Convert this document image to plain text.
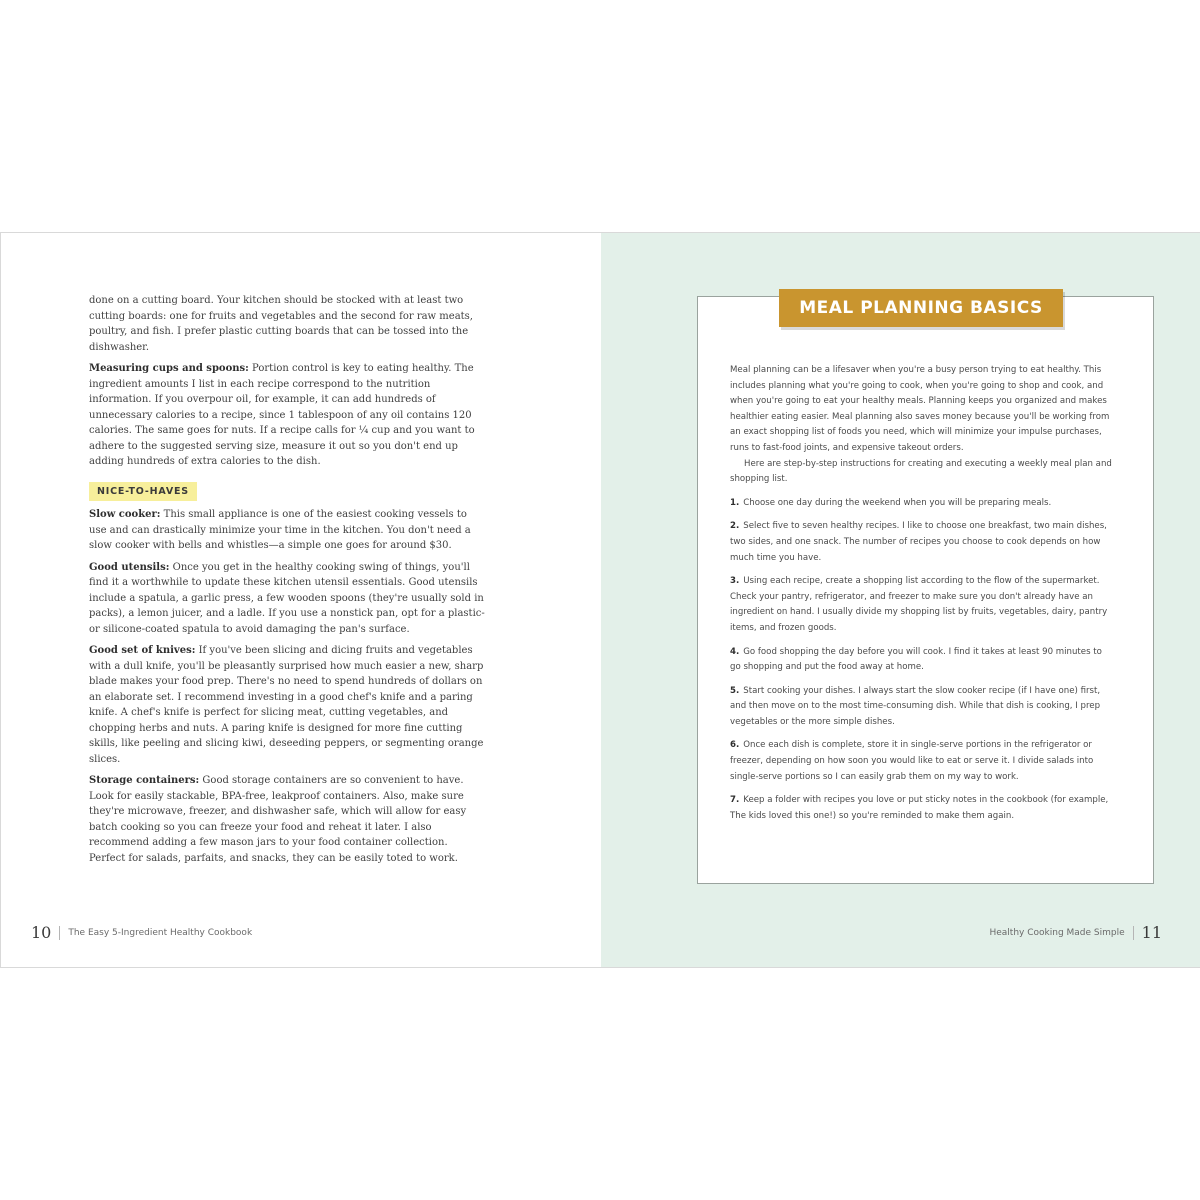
done on a cutting board. Your kitchen should be stocked with at least two cutting boards: one for fruits and vegetables and the second for raw meats, poultry, and fish. I prefer plastic cutting boards that can be tossed into the dishwasher.

Measuring cups and spoons: Portion control is key to eating healthy. The ingredient amounts I list in each recipe correspond to the nutrition information. If you overpour oil, for example, it can add hundreds of unnecessary calories to a recipe, since 1 tablespoon of any oil contains 120 calories. The same goes for nuts. If a recipe calls for ¼ cup and you want to adhere to the suggested serving size, measure it out so you don't end up adding hundreds of extra calories to the dish.

NICE-TO-HAVES

Slow cooker: This small appliance is one of the easiest cooking vessels to use and can drastically minimize your time in the kitchen. You don't need a slow cooker with bells and whistles—a simple one goes for around $30.

Good utensils: Once you get in the healthy cooking swing of things, you'll find it a worthwhile to update these kitchen utensil essentials. Good utensils include a spatula, a garlic press, a few wooden spoons (they're usually sold in packs), a lemon juicer, and a ladle. If you use a nonstick pan, opt for a plastic- or silicone-coated spatula to avoid damaging the pan's surface.

Good set of knives: If you've been slicing and dicing fruits and vegetables with a dull knife, you'll be pleasantly surprised how much easier a new, sharp blade makes your food prep. There's no need to spend hundreds of dollars on an elaborate set. I recommend investing in a good chef's knife and a paring knife. A chef's knife is perfect for slicing meat, cutting vegetables, and chopping herbs and nuts. A paring knife is designed for more fine cutting skills, like peeling and slicing kiwi, deseeding peppers, or segmenting orange slices.

Storage containers: Good storage containers are so convenient to have. Look for easily stackable, BPA-free, leakproof containers. Also, make sure they're microwave, freezer, and dishwasher safe, which will allow for easy batch cooking so you can freeze your food and reheat it later. I also recommend adding a few mason jars to your food container collection. Perfect for salads, parfaits, and snacks, they can be easily toted to work.

10 The Easy 5-Ingredient Healthy Cookbook
MEAL PLANNING BASICS

Meal planning can be a lifesaver when you're a busy person trying to eat healthy. This includes planning what you're going to cook, when you're going to shop and cook, and when you're going to eat your healthy meals. Planning keeps you organized and makes healthier eating easier. Meal planning also saves money because you'll be working from an exact shopping list of foods you need, which will minimize your impulse purchases, runs to fast-food joints, and expensive takeout orders.

Here are step-by-step instructions for creating and executing a weekly meal plan and shopping list.

1. Choose one day during the weekend when you will be preparing meals.
2. Select five to seven healthy recipes. I like to choose one breakfast, two main dishes, two sides, and one snack. The number of recipes you choose to cook depends on how much time you have.
3. Using each recipe, create a shopping list according to the flow of the supermarket. Check your pantry, refrigerator, and freezer to make sure you don't already have an ingredient on hand. I usually divide my shopping list by fruits, vegetables, dairy, pantry items, and frozen goods.
4. Go food shopping the day before you will cook. I find it takes at least 90 minutes to go shopping and put the food away at home.
5. Start cooking your dishes. I always start the slow cooker recipe (if I have one) first, and then move on to the most time-consuming dish. While that dish is cooking, I prep vegetables or the more simple dishes.
6. Once each dish is complete, store it in single-serve portions in the refrigerator or freezer, depending on how soon you would like to eat or serve it. I divide salads into single-serve portions so I can easily grab them on my way to work.
7. Keep a folder with recipes you love or put sticky notes in the cookbook (for example, The kids loved this one!) so you're reminded to make them again.
Healthy Cooking Made Simple 11
